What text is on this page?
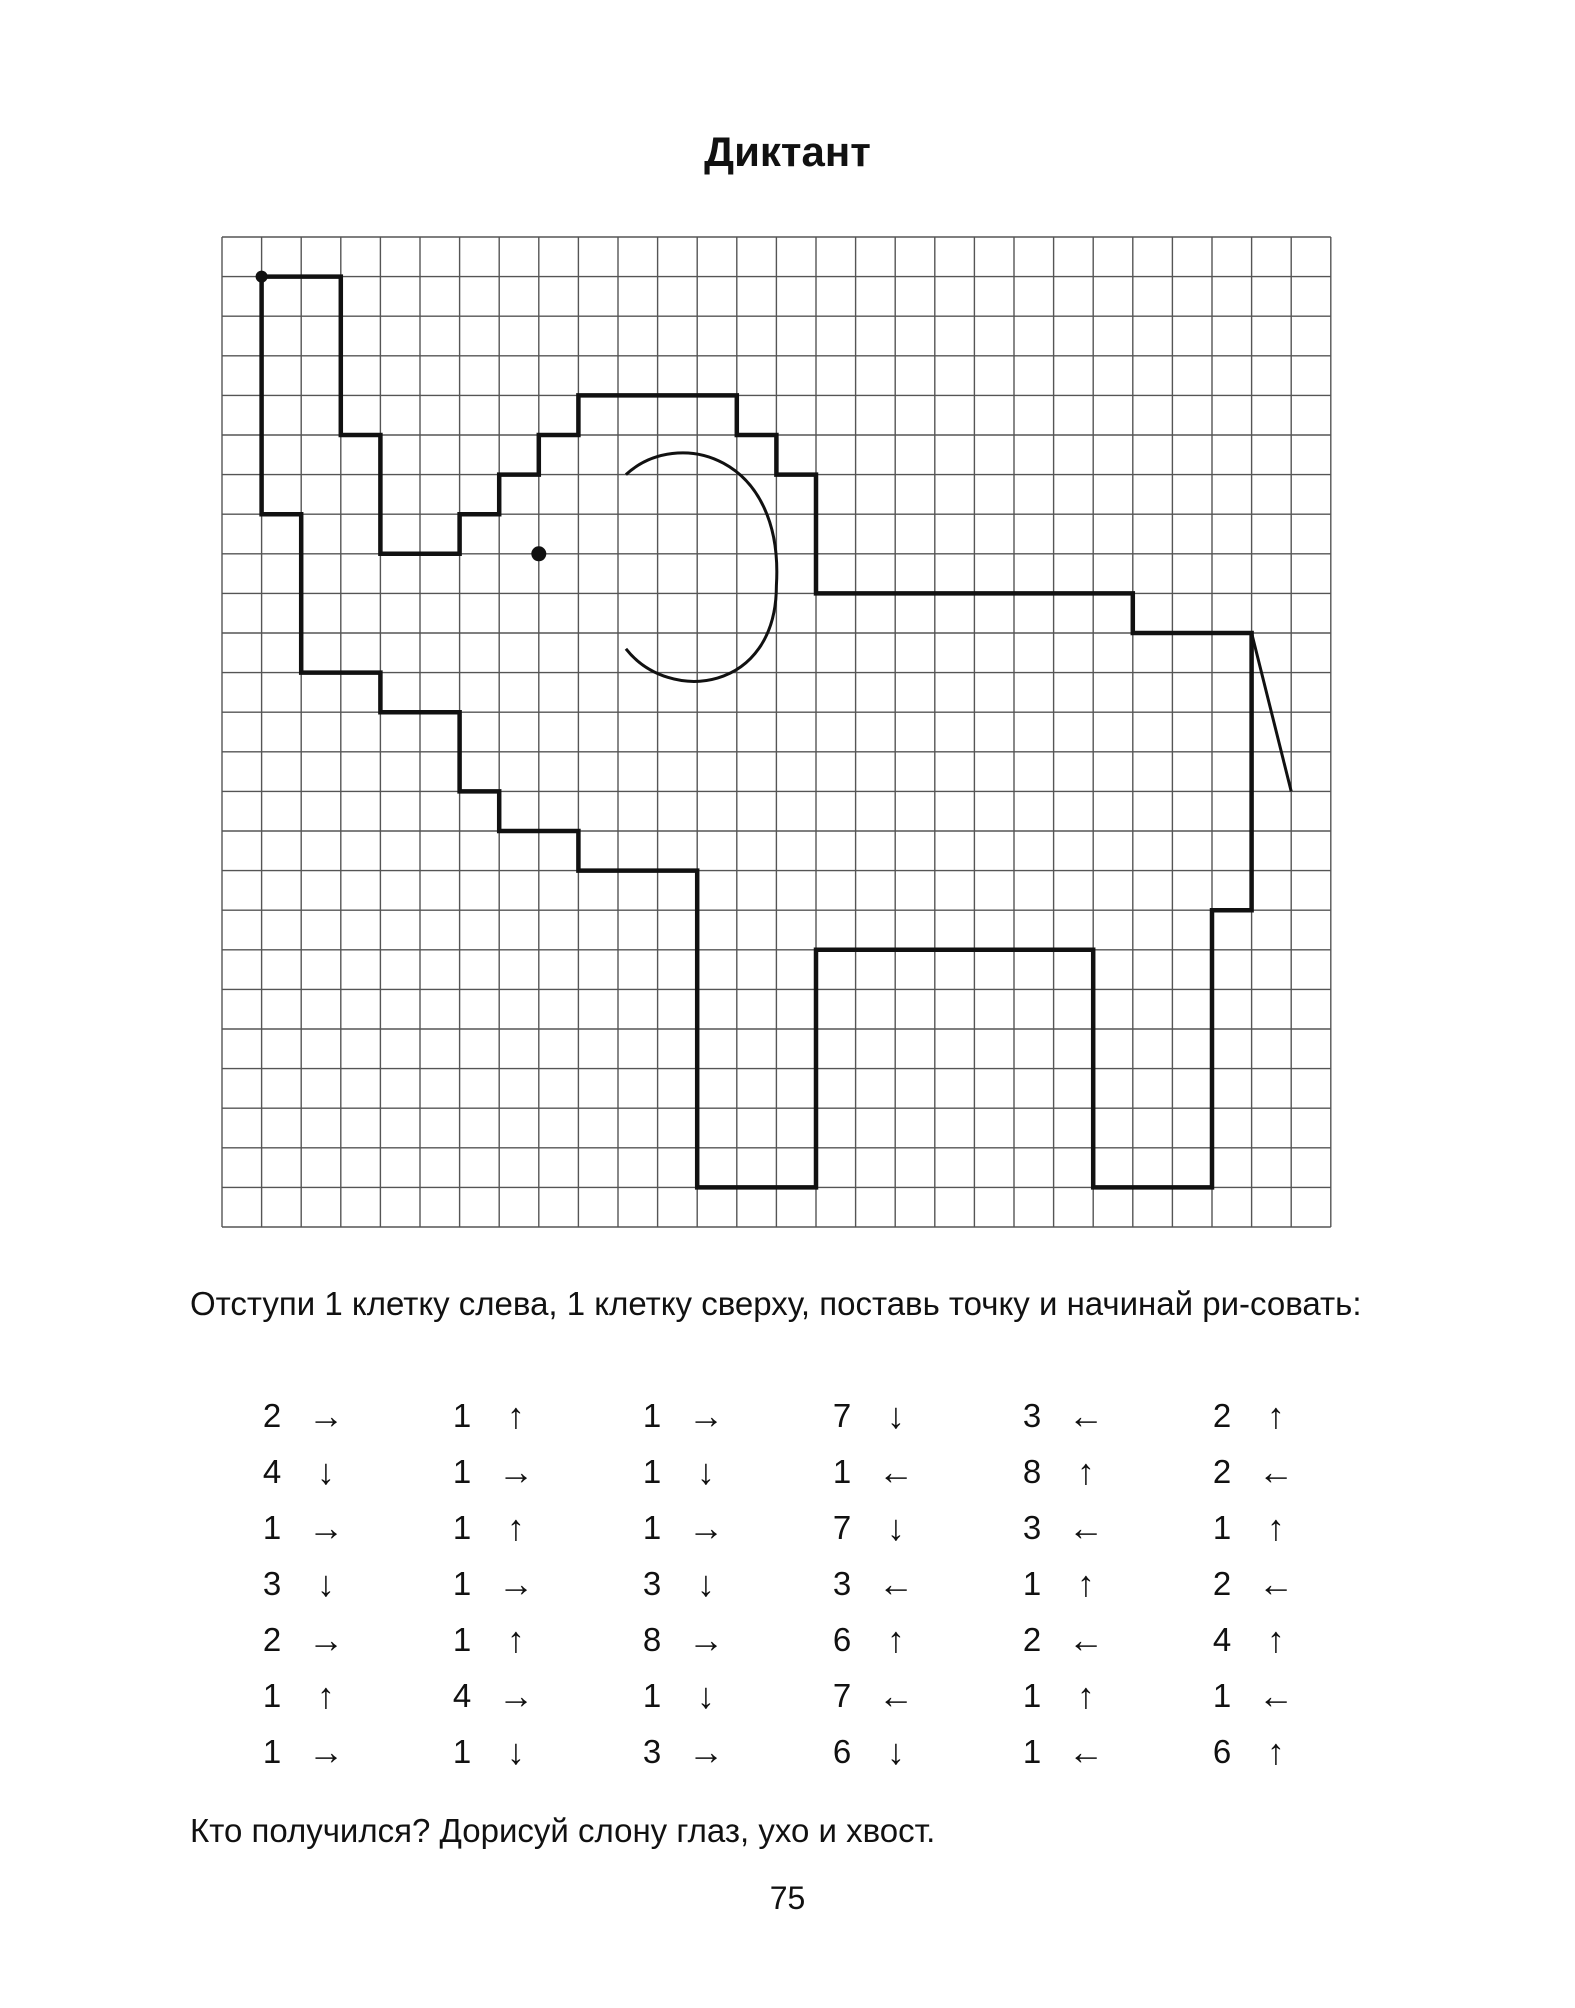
Диктант
Отступи 1 клетку слева, 1 клетку сверху, поставь точку и начинай ри-совать:
2 →
4 ↓
1 →
3 ↓
2 →
1 ↑
1 →
1 ↑
1 →
1 ↑
1 →
1 ↑
4 →
1 ↓
1 →
1 ↓
1 →
3 ↓
8 →
1 ↓
3 →
7 ↓
1 ←
7 ↓
3 ←
6 ↑
7 ←
6 ↓
3 ←
8 ↑
3 ←
1 ↑
2 ←
1 ↑
1 ←
2 ↑
2 ←
1 ↑
2 ←
4 ↑
1 ←
6 ↑
Кто получился? Дорисуй слону глаз, ухо и хвост.
75
